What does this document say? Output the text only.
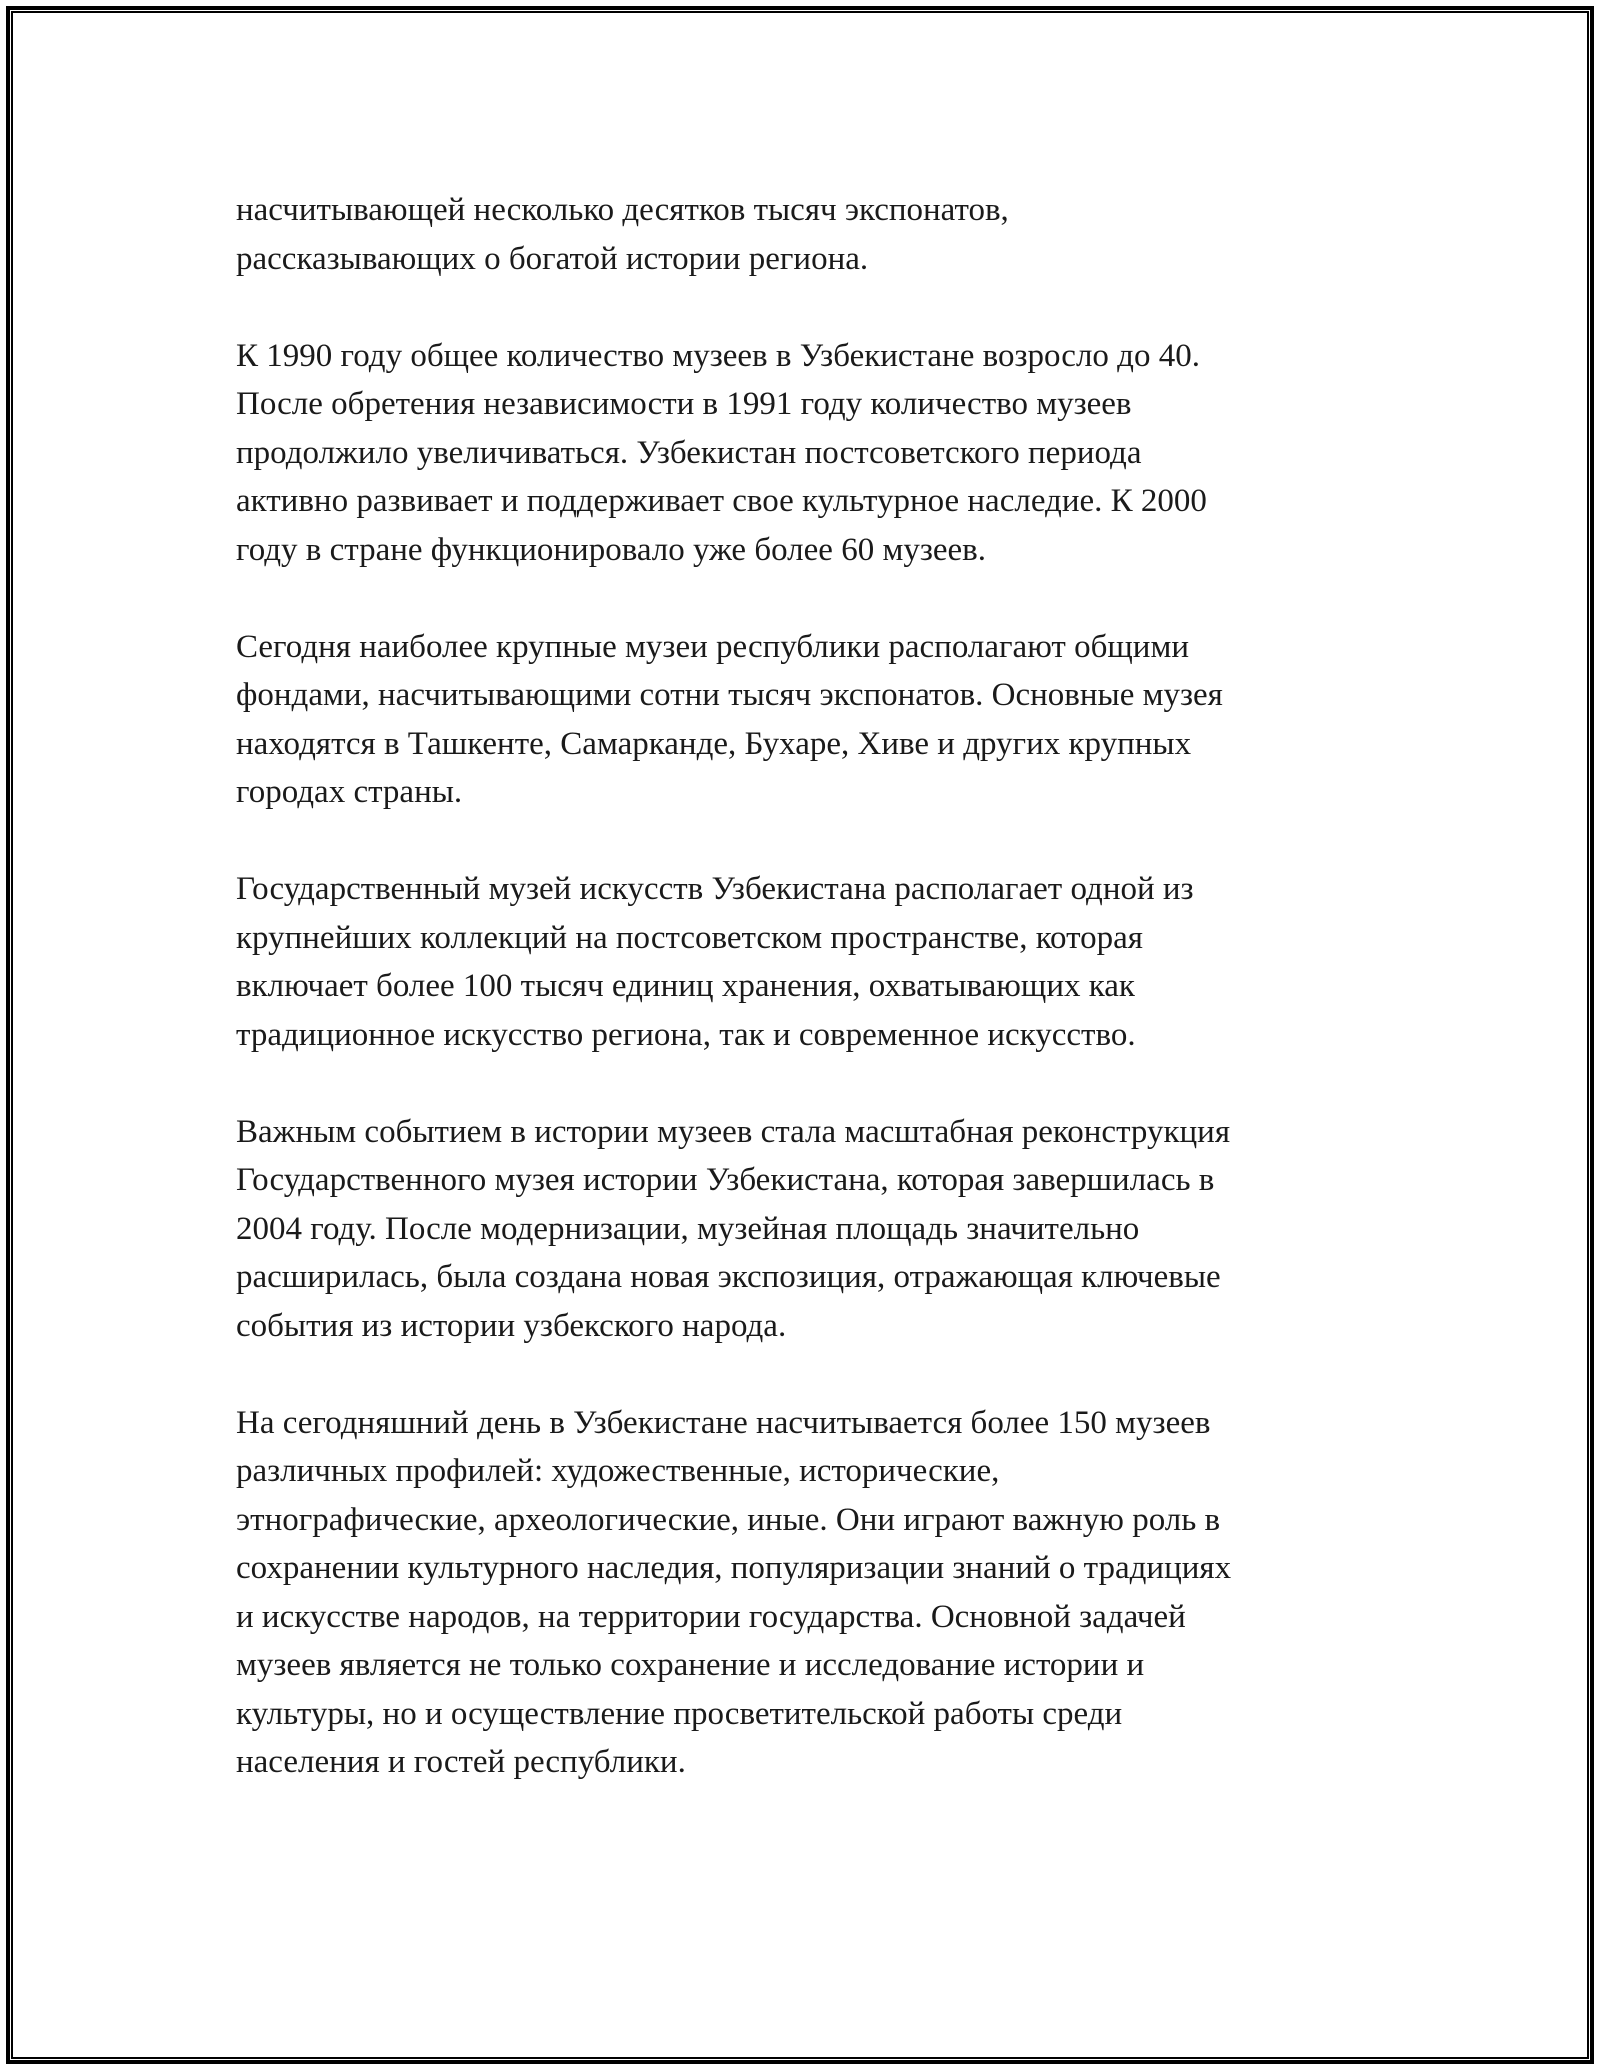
насчитывающей несколько десятков тысяч экспонатов,
рассказывающих о богатой истории региона.

К 1990 году общее количество музеев в Узбекистане возросло до 40.
После обретения независимости в 1991 году количество музеев
продолжило увеличиваться. Узбекистан постсоветского периода
активно развивает и поддерживает свое культурное наследие. К 2000
году в стране функционировало уже более 60 музеев.

Сегодня наиболее крупные музеи республики располагают общими
фондами, насчитывающими сотни тысяч экспонатов. Основные музея
находятся в Ташкенте, Самарканде, Бухаре, Хиве и других крупных
городах страны.

Государственный музей искусств Узбекистана располагает одной из
крупнейших коллекций на постсоветском пространстве, которая
включает более 100 тысяч единиц хранения, охватывающих как
традиционное искусство региона, так и современное искусство.

Важным событием в истории музеев стала масштабная реконструкция
Государственного музея истории Узбекистана, которая завершилась в
2004 году. После модернизации, музейная площадь значительно
расширилась, была создана новая экспозиция, отражающая ключевые
события из истории узбекского народа.

На сегодняшний день в Узбекистане насчитывается более 150 музеев
различных профилей: художественные, исторические,
этнографические, археологические, иные. Они играют важную роль в
сохранении культурного наследия, популяризации знаний о традициях
и искусстве народов, на территории государства. Основной задачей
музеев является не только сохранение и исследование истории и
культуры, но и осуществление просветительской работы среди
населения и гостей республики.
